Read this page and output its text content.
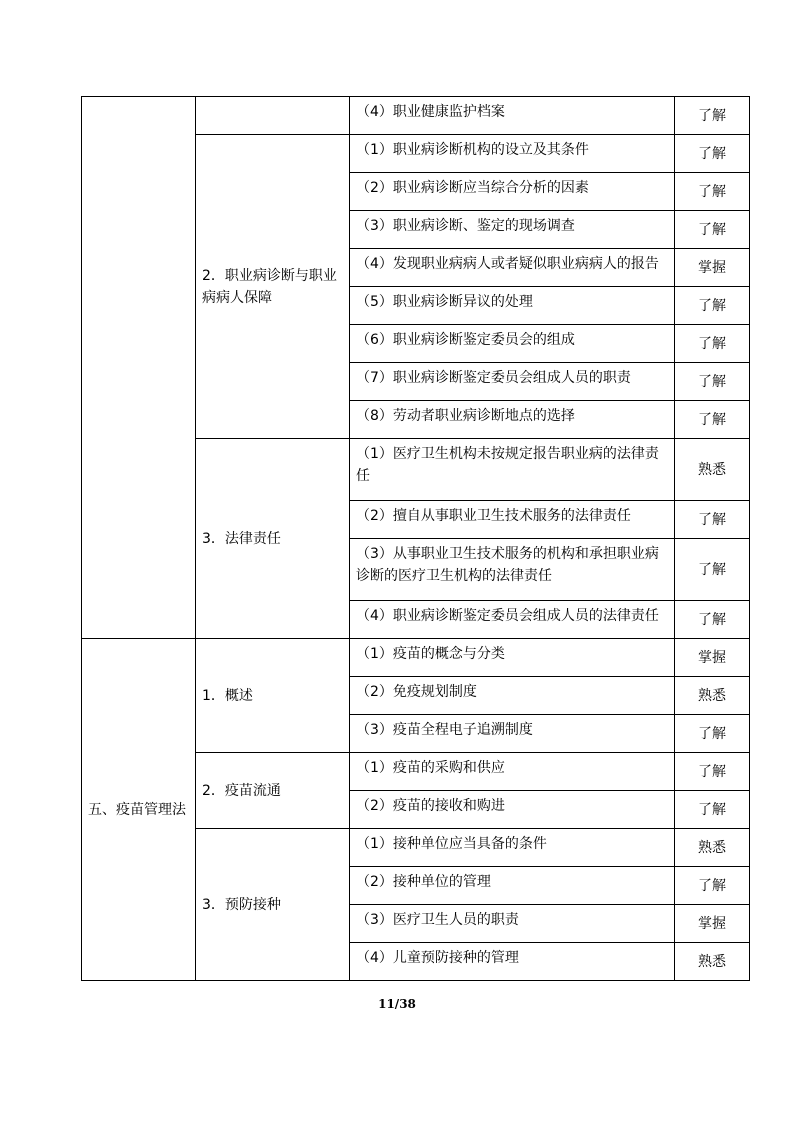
		（4）职业健康监护档案	了解
	2．职业病诊断与职业病病人保障	（1）职业病诊断机构的设立及其条件	了解

		（2）职业病诊断应当综合分析的因素	了解

		（3）职业病诊断、鉴定的现场调查	了解

		（4）发现职业病病人或者疑似职业病病人的报告	掌握

		（5）职业病诊断异议的处理	了解

		（6）职业病诊断鉴定委员会的组成	了解

		（7）职业病诊断鉴定委员会组成人员的职责	了解

		（8）劳动者职业病诊断地点的选择	了解
	3．法律责任	（1）医疗卫生机构未按规定报告职业病的法律责任	熟悉

		（2）擅自从事职业卫生技术服务的法律责任	了解

		（3）从事职业卫生技术服务的机构和承担职业病诊断的医疗卫生机构的法律责任	了解

		（4）职业病诊断鉴定委员会组成人员的法律责任	了解
五、疫苗管理法	1．概述	（1）疫苗的概念与分类	掌握

		（2）免疫规划制度	熟悉

		（3）疫苗全程电子追溯制度	了解
	2．疫苗流通	（1）疫苗的采购和供应	了解

		（2）疫苗的接收和购进	了解
	3．预防接种	（1）接种单位应当具备的条件	熟悉

		（2）接种单位的管理	了解

		（3）医疗卫生人员的职责	掌握

		（4）儿童预防接种的管理	熟悉
11/38
